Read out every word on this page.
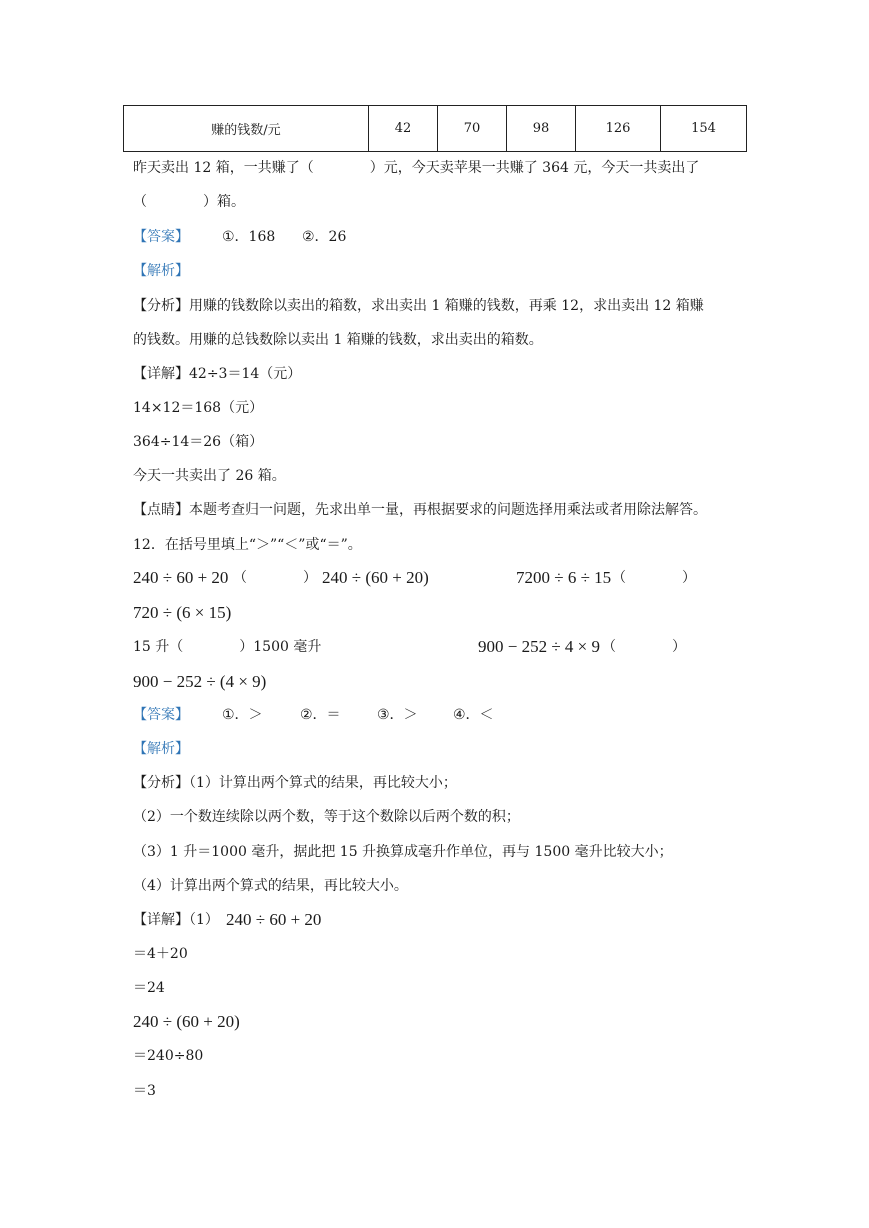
赚的钱数/元	42	70	98	126	154
昨天卖出 12 箱，一共赚了（　　　　）元，今天卖苹果一共赚了 364 元，今天一共卖出了
（　　　　）箱。
【答案】 ①．168 ②．26
【解析】
【分析】用赚的钱数除以卖出的箱数，求出卖出 1 箱赚的钱数，再乘 12，求出卖出 12 箱赚
的钱数。用赚的总钱数除以卖出 1 箱赚的钱数，求出卖出的箱数。
【详解】42÷3＝14（元）
14×12＝168（元）
364÷14＝26（箱）
今天一共卖出了 26 箱。
【点睛】本题考查归一问题，先求出单一量，再根据要求的问题选择用乘法或者用除法解答。
12．在括号里填上“＞”“＜”或“＝”。
240 ÷ 60 + 20 （　　　　） 240 ÷ (60 + 20)	7200 ÷ 6 ÷ 15 （　　　　）
720 ÷ (6 × 15)
15 升（　　　　）1500 毫升	900 − 252 ÷ 4 × 9 （　　　　）
900 − 252 ÷ (4 × 9)
【答案】 ①．＞	②．＝	③．＞	④．＜
【解析】
【分析】（1）计算出两个算式的结果，再比较大小；
（2）一个数连续除以两个数，等于这个数除以后两个数的积；
（3）1 升＝1000 毫升，据此把 15 升换算成毫升作单位，再与 1500 毫升比较大小；
（4）计算出两个算式的结果，再比较大小。
【详解】（1） 240 ÷ 60 + 20
＝4＋20
＝24
240 ÷ (60 + 20)
＝240÷80
＝3
